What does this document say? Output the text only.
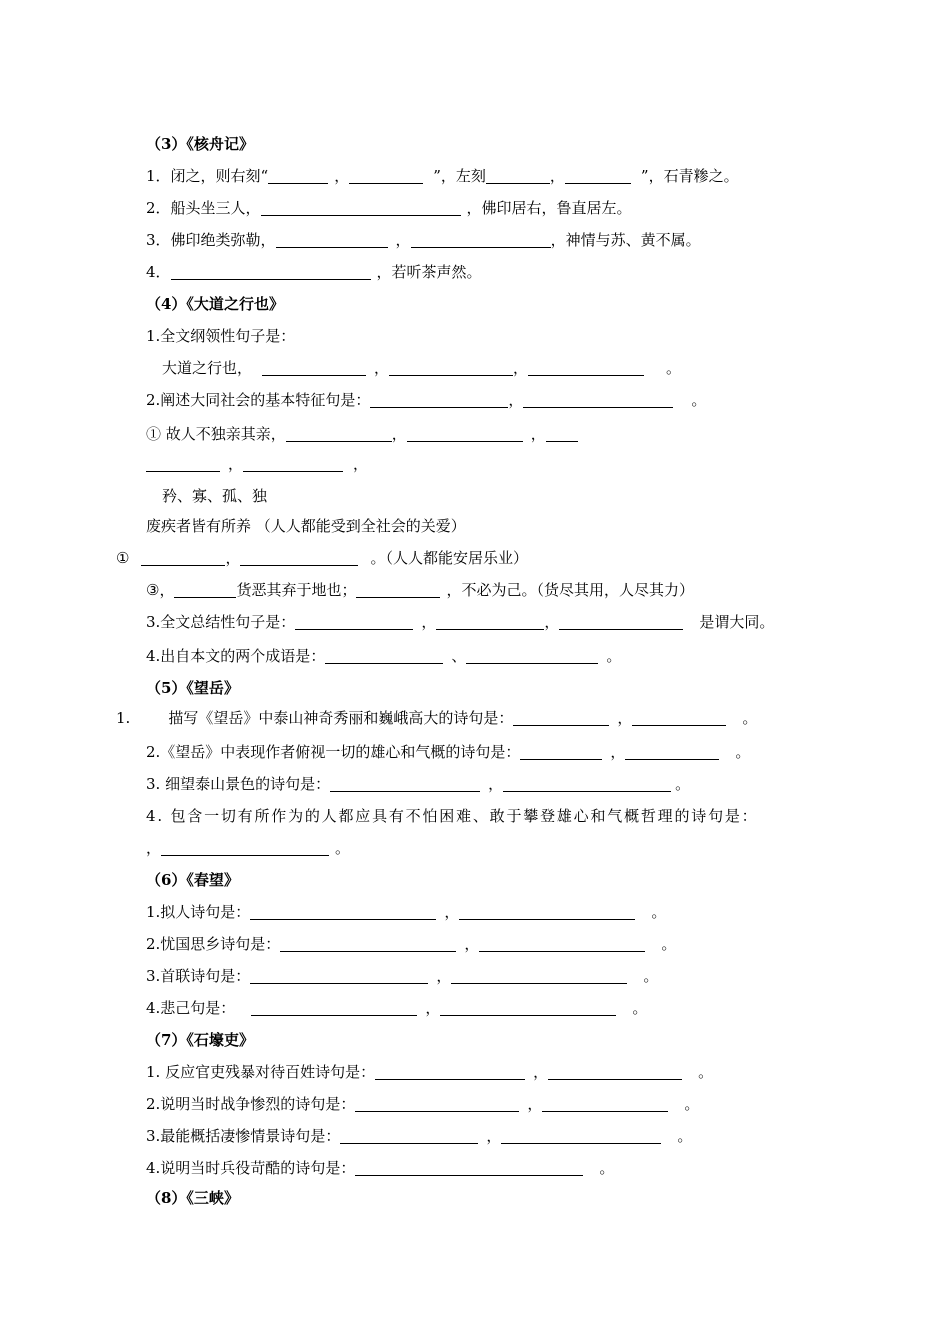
（3）《核舟记》
1．闭之，则右刻“	，	”，左刻	，	”，石青糁之。
2．船头坐三人，	，佛印居右，鲁直居左。
3．佛印绝类弥勒，	，	，神情与苏、黄不属。
4．	，若听茶声然。
（4）《大道之行也》
1.全文纲领性句子是：
大道之行也，	，	，	。
2.阐述大同社会的基本特征句是：	，	。
① 故人不独亲其亲，	，	，
，	，
矜、寡、孤、独
废疾者皆有所养 （人人都能受到全社会的关爱）
①	，	。（人人都能安居乐业）
③，	货恶其弃于地也；	，不必为己。（货尽其用，人尽其力）
3.全文总结性句子是：	，	，	是谓大同。
4.出自本文的两个成语是：	、	。
（5）《望岳》
1.	描写《望岳》中泰山神奇秀丽和巍峨高大的诗句是：	，	。
2.《望岳》中表现作者俯视一切的雄心和气概的诗句是：	，	。
3. 细望泰山景色的诗句是：	，	。
4. 包含一切有所作为的人都应具有不怕困难、敢于攀登雄心和气概哲理的诗句是：
，	。
（6）《春望》
1.拟人诗句是：	，	。
2.忧国思乡诗句是：	，	。
3.首联诗句是：	，	。
4.悲己句是：	，	。
（7）《石壕吏》
1. 反应官吏残暴对待百姓诗句是：	，	。
2.说明当时战争惨烈的诗句是：	，	。
3.最能概括凄惨情景诗句是：	，	。
4.说明当时兵役苛酷的诗句是：	。
（8）《三峡》
